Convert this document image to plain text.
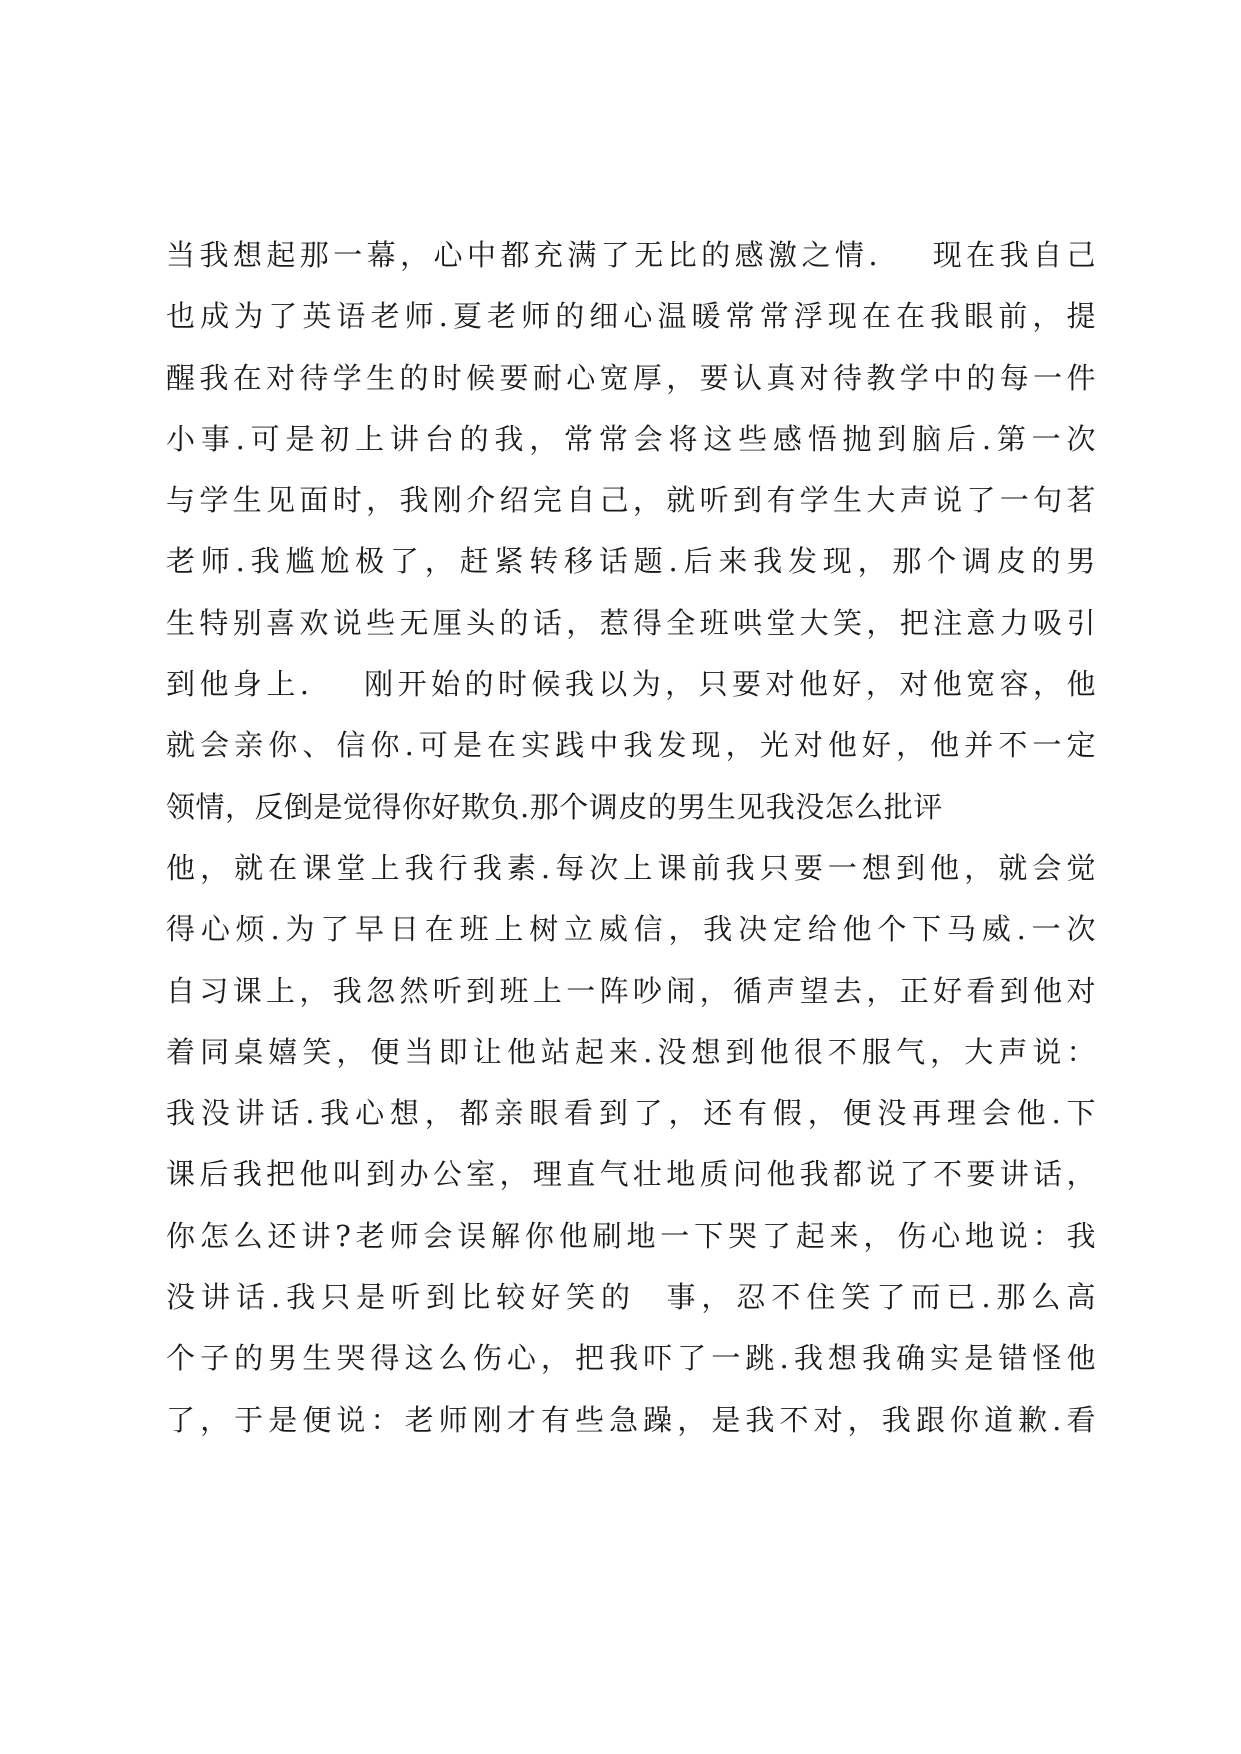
当我想起那一幕，心中都充满了无比的感激之情.    现在我自己
也成为了英语老师.夏老师的细心温暖常常浮现在在我眼前，提
醒我在对待学生的时候要耐心宽厚，要认真对待教学中的每一件
小事.可是初上讲台的我，常常会将这些感悟抛到脑后.第一次
与学生见面时，我刚介绍完自己，就听到有学生大声说了一句茗
老师.我尴尬极了，赶紧转移话题.后来我发现，那个调皮的男
生特别喜欢说些无厘头的话，惹得全班哄堂大笑，把注意力吸引
到他身上.    刚开始的时候我以为，只要对他好，对他宽容，他
就会亲你、信你.可是在实践中我发现，光对他好，他并不一定
领情，反倒是觉得你好欺负.那个调皮的男生见我没怎么批评
他，就在课堂上我行我素.每次上课前我只要一想到他，就会觉
得心烦.为了早日在班上树立威信，我决定给他个下马威.一次
自习课上，我忽然听到班上一阵吵闹，循声望去，正好看到他对
着同桌嬉笑，便当即让他站起来.没想到他很不服气，大声说：
我没讲话.我心想，都亲眼看到了，还有假，便没再理会他.下
课后我把他叫到办公室，理直气壮地质问他我都说了不要讲话，
你怎么还讲?老师会误解你他刷地一下哭了起来，伤心地说：我
没讲话.我只是听到比较好笑的  事，忍不住笑了而已.那么高
个子的男生哭得这么伤心，把我吓了一跳.我想我确实是错怪他
了，于是便说：老师刚才有些急躁，是我不对，我跟你道歉.看
